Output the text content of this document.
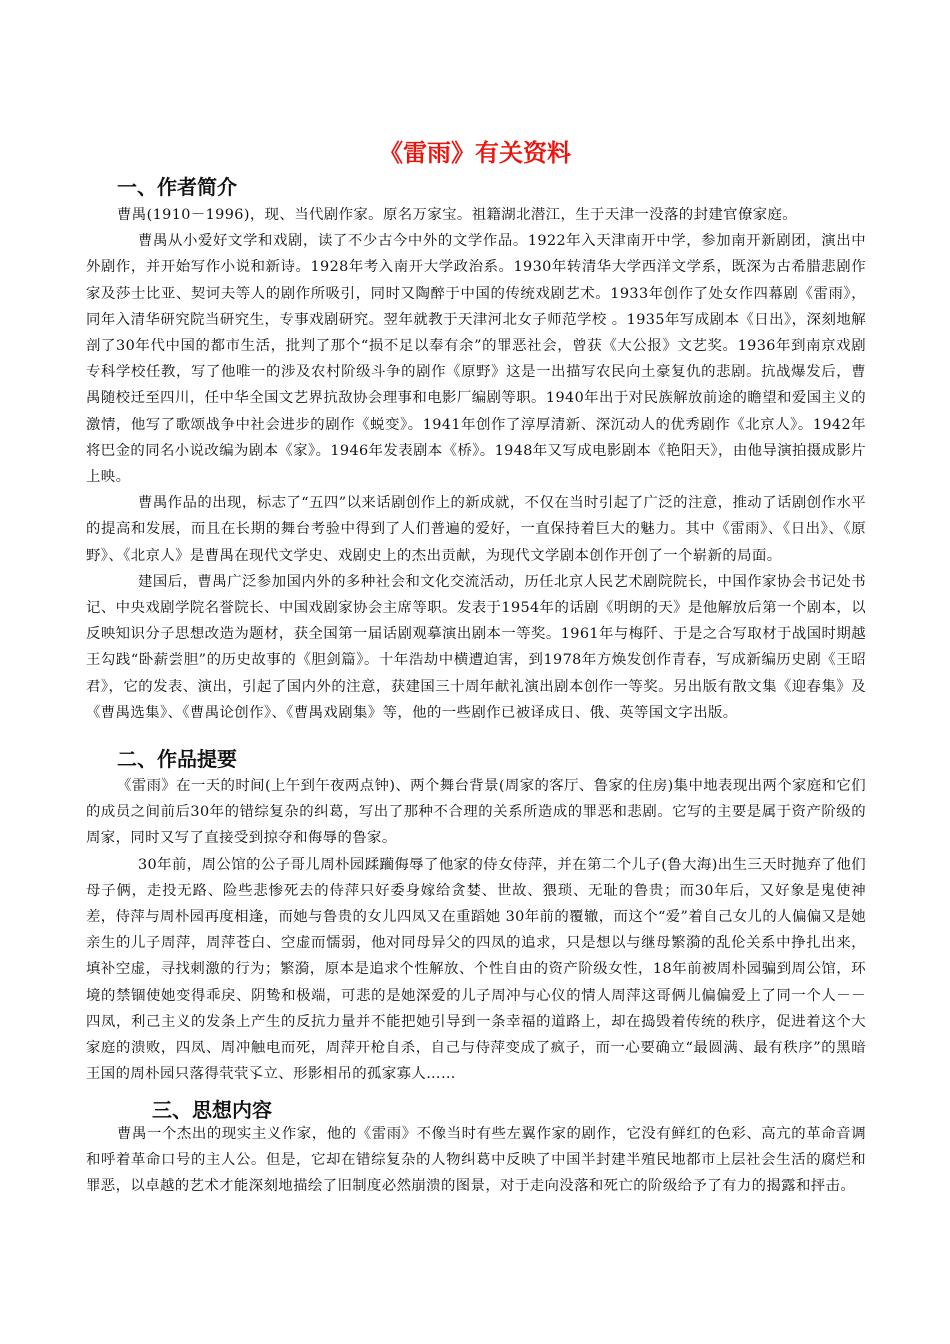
《雷雨》有关资料
一、作者简介

曹禺(1910－1996)，现、当代剧作家。原名万家宝。祖籍湖北潜江，生于天津一没落的封建官僚家庭。

曹禺从小爱好文学和戏剧，读了不少古今中外的文学作品。1922年入天津南开中学，参加南开新剧团，演出中外剧作，并开始写作小说和新诗。1928年考入南开大学政治系。1930年转清华大学西洋文学系，既深为古希腊悲剧作家及莎士比亚、契诃夫等人的剧作所吸引，同时又陶醉于中国的传统戏剧艺术。1933年创作了处女作四幕剧《雷雨》，同年入清华研究院当研究生，专事戏剧研究。翌年就教于天津河北女子师范学校 。1935年写成剧本《日出》，深刻地解剖了30年代中国的都市生活，批判了那个“损不足以奉有余”的罪恶社会，曾获《大公报》文艺奖。1936年到南京戏剧专科学校任教，写了他唯一的涉及农村阶级斗争的剧作《原野》这是一出描写农民向土豪复仇的悲剧。抗战爆发后，曹禺随校迁至四川，任中华全国文艺界抗敌协会理事和电影厂编剧等职。1940年出于对民族解放前途的瞻望和爱国主义的激情，他写了歌颂战争中社会进步的剧作《蜕变》。1941年创作了淳厚清新、深沉动人的优秀剧作《北京人》。1942年将巴金的同名小说改编为剧本《家》。1946年发表剧本《桥》。1948年又写成电影剧本《艳阳天》，由他导演拍摄成影片上映。

曹禺作品的出现，标志了“五四”以来话剧创作上的新成就，不仅在当时引起了广泛的注意，推动了话剧创作水平的提高和发展，而且在长期的舞台考验中得到了人们普遍的爱好，一直保持着巨大的魅力。其中《雷雨》、《日出》、《原野》、《北京人》是曹禺在现代文学史、戏剧史上的杰出贡献，为现代文学剧本创作开创了一个崭新的局面。

建国后，曹禺广泛参加国内外的多种社会和文化交流活动，历任北京人民艺术剧院院长，中国作家协会书记处书记、中央戏剧学院名誉院长、中国戏剧家协会主席等职。发表于1954年的话剧《明朗的天》是他解放后第一个剧本，以反映知识分子思想改造为题材，获全国第一届话剧观摹演出剧本一等奖。1961年与梅阡、于是之合写取材于战国时期越王勾践“卧薪尝胆”的历史故事的《胆剑篇》。十年浩劫中横遭迫害，到1978年方焕发创作青春，写成新编历史剧《王昭君》，它的发表、演出，引起了国内外的注意，获建国三十周年献礼演出剧本创作一等奖。另出版有散文集《迎春集》及《曹禺选集》、《曹禺论创作》、《曹禺戏剧集》等，他的一些剧作已被译成日、俄、英等国文字出版。

二、作品提要

《雷雨》在一天的时间(上午到午夜两点钟)、两个舞台背景(周家的客厅、鲁家的住房)集中地表现出两个家庭和它们的成员之间前后30年的错综复杂的纠葛，写出了那种不合理的关系所造成的罪恶和悲剧。它写的主要是属于资产阶级的周家，同时又写了直接受到掠夺和侮辱的鲁家。

30年前，周公馆的公子哥儿周朴园蹂躏侮辱了他家的侍女侍萍，并在第二个儿子(鲁大海)出生三天时抛弃了他们母子俩，走投无路、险些悲惨死去的侍萍只好委身嫁给贪婪、世故、猥琐、无耻的鲁贵；而30年后，又好象是鬼使神差，侍萍与周朴园再度相逢，而她与鲁贵的女儿四凤又在重蹈她 30年前的覆辙，而这个“爱”着自己女儿的人偏偏又是她亲生的儿子周萍，周萍苍白、空虚而懦弱，他对同母异父的四凤的追求，只是想以与继母繁漪的乱伦关系中挣扎出来，填补空虚，寻找刺激的行为；繁漪，原本是追求个性解放、个性自由的资产阶级女性，18年前被周朴园骗到周公馆，环境的禁锢使她变得乖戾、阴鸷和极端，可悲的是她深爱的儿子周冲与心仪的情人周萍这哥俩儿偏偏爱上了同一个人－－四凤，利己主义的发条上产生的反抗力量并不能把她引导到一条幸福的道路上，却在捣毁着传统的秩序，促进着这个大家庭的溃败，四凤、周冲触电而死，周萍开枪自杀，自己与侍萍变成了疯子，而一心要确立“最圆满、最有秩序”的黑暗王国的周朴园只落得茕茕孓立、形影相吊的孤家寡人……

三、思想内容

曹禺一个杰出的现实主义作家，他的《雷雨》不像当时有些左翼作家的剧作，它没有鲜红的色彩、高亢的革命音调和呼着革命口号的主人公。但是，它却在错综复杂的人物纠葛中反映了中国半封建半殖民地都市上层社会生活的腐烂和罪恶，以卓越的艺术才能深刻地描绘了旧制度必然崩溃的图景，对于走向没落和死亡的阶级给予了有力的揭露和抨击。
